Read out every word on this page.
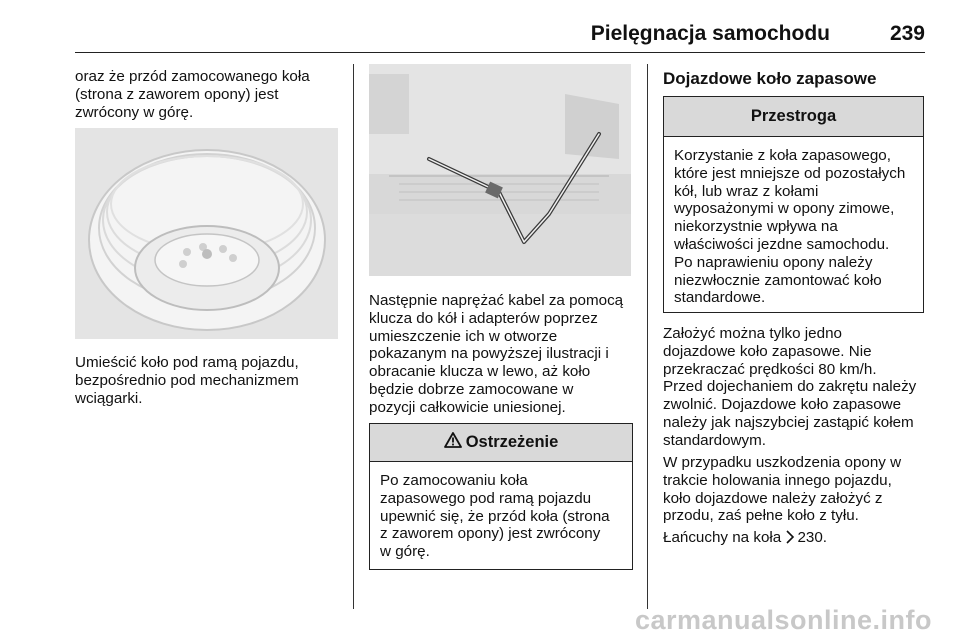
Pielęgnacja samochodu	239

oraz że przód zamocowanego koła
(strona z zaworem opony) jest
zwrócony w górę.

Umieścić koło pod ramą pojazdu,
bezpośrednio pod mechanizmem
wciągarki.

Następnie naprężać kabel za pomocą
klucza do kół i adapterów poprzez
umieszczenie ich w otworze
pokazanym na powyższej ilustracji i
obracanie klucza w lewo, aż koło
będzie dobrze zamocowane w
pozycji całkowicie uniesionej.

Ostrzeżenie
Po zamocowaniu koła
zapasowego pod ramą pojazdu
upewnić się, że przód koła (strona
z zaworem opony) jest zwrócony
w górę.
Dojazdowe koło zapasowe
Przestroga
Korzystanie z koła zapasowego,
które jest mniejsze od pozostałych
kół, lub wraz z kołami
wyposażonymi w opony zimowe,
niekorzystnie wpływa na
właściwości jezdne samochodu.
Po naprawieniu opony należy
niezwłocznie zamontować koło
standardowe.

Założyć można tylko jedno
dojazdowe koło zapasowe. Nie
przekraczać prędkości 80 km/h.
Przed dojechaniem do zakrętu należy
zwolnić. Dojazdowe koło zapasowe
należy jak najszybciej zastąpić kołem
standardowym.

W przypadku uszkodzenia opony w
trakcie holowania innego pojazdu,
koło dojazdowe należy założyć z
przodu, zaś pełne koło z tyłu.

Łańcuchy na koła 230.

carmanualsonline.info
